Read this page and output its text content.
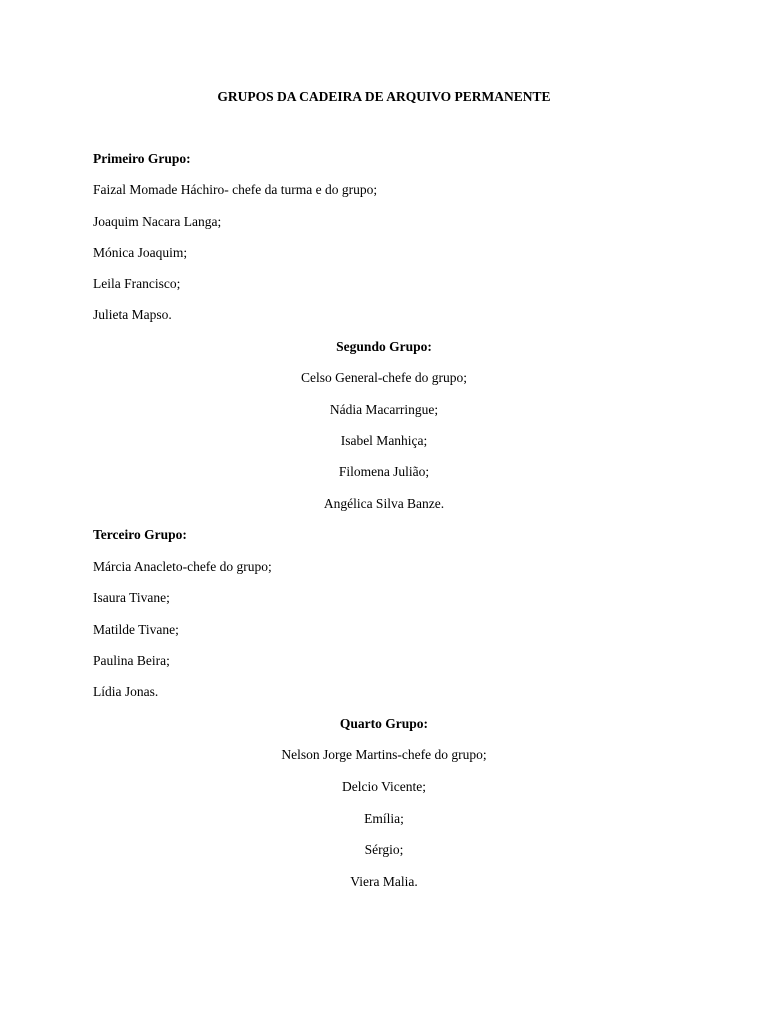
GRUPOS DA CADEIRA DE ARQUIVO PERMANENTE
Primeiro Grupo:
Faizal Momade Háchiro- chefe da turma e do grupo;
Joaquim Nacara Langa;
Mónica Joaquim;
Leila Francisco;
Julieta Mapso.
Segundo Grupo:
Celso General-chefe do grupo;
Nádia Macarringue;
Isabel Manhiça;
Filomena Julião;
Angélica Silva Banze.
Terceiro Grupo:
Márcia Anacleto-chefe do grupo;
Isaura Tivane;
Matilde Tivane;
Paulina Beira;
Lídia Jonas.
Quarto Grupo:
Nelson Jorge Martins-chefe do grupo;
Delcio Vicente;
Emília;
Sérgio;
Viera Malia.
